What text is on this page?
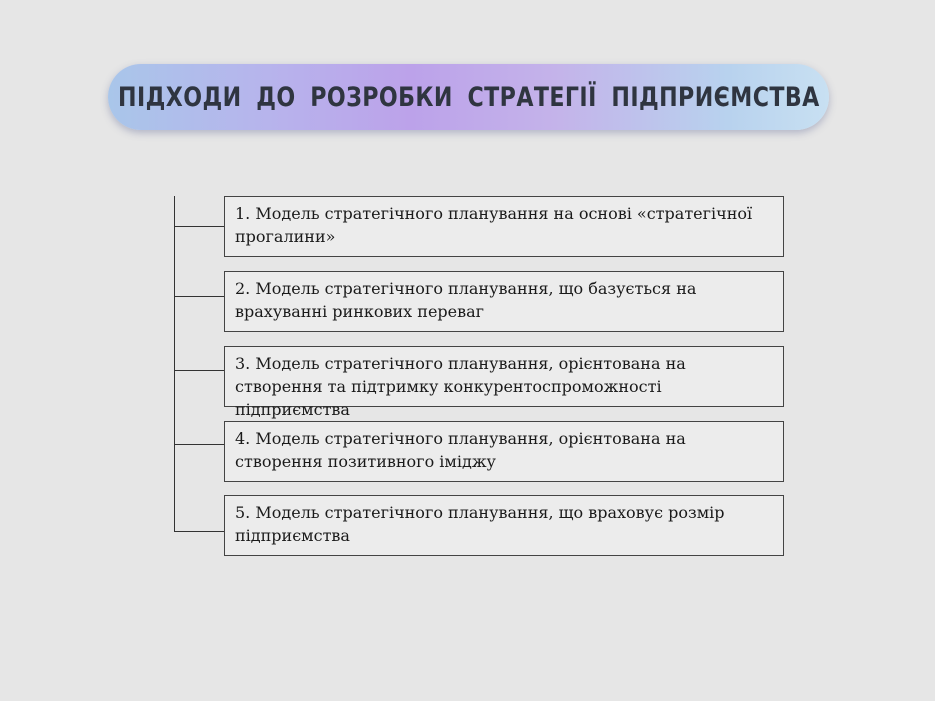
ПІДХОДИ ДО РОЗРОБКИ СТРАТЕГІЇ ПІДПРИЄМСТВА
1. Модель стратегічного планування на основі «стратегічної прогалини»
2. Модель стратегічного планування, що базується на врахуванні ринкових переваг
3. Модель стратегічного планування, орієнтована на створення та підтримку конкурентоспроможності підприємства
4. Модель стратегічного планування, орієнтована на створення позитивного іміджу
5. Модель стратегічного планування, що враховує розмір підприємства
